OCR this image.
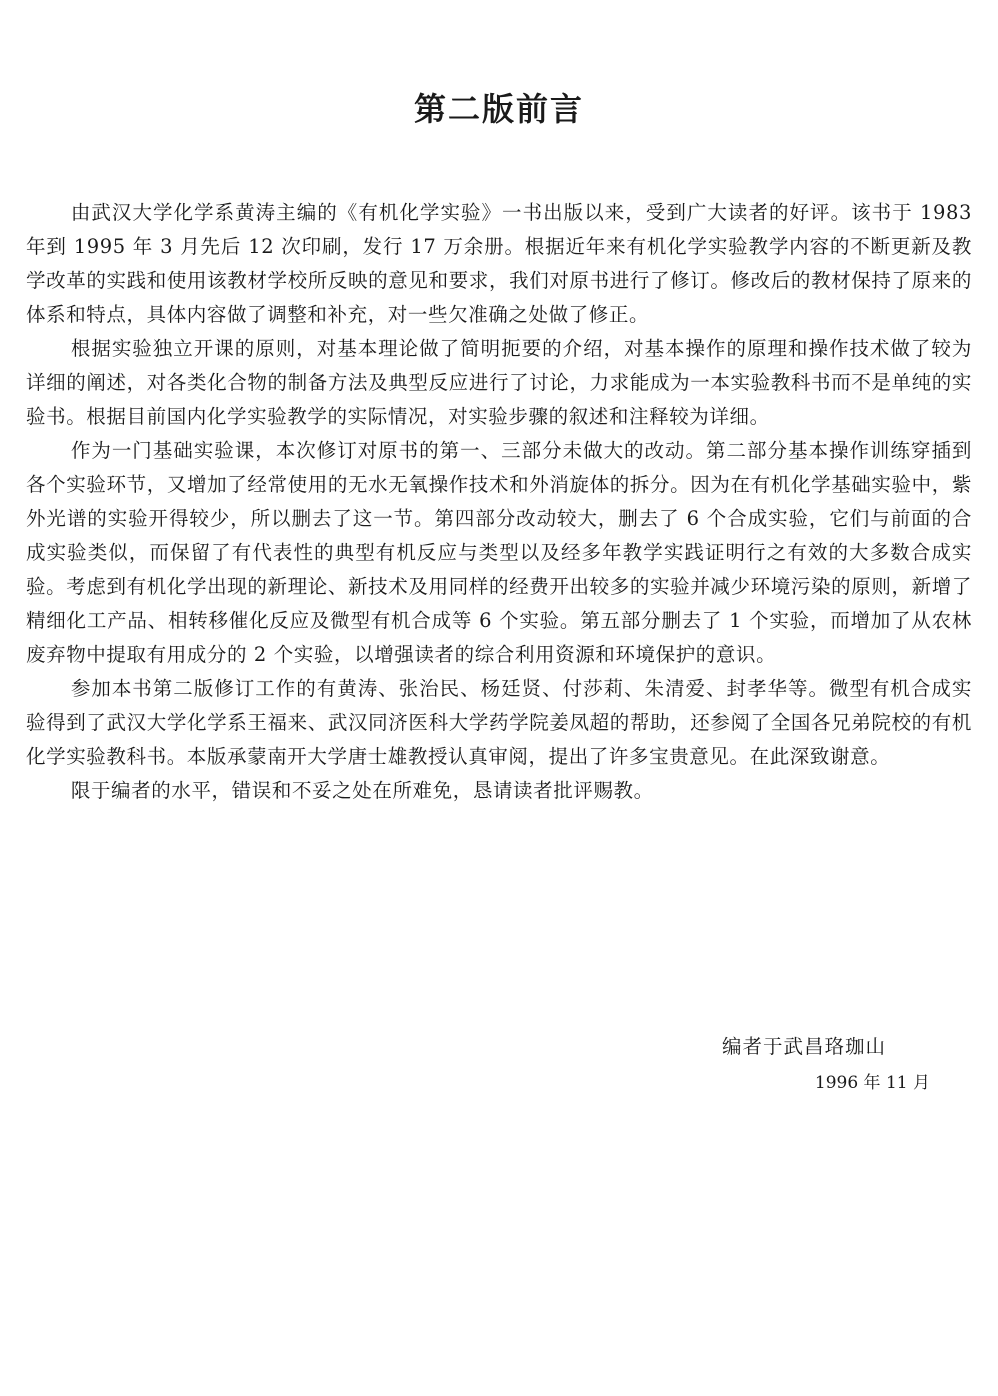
第二版前言

由武汉大学化学系黄涛主编的《有机化学实验》一书出版以来，受到广大读者的好评。该书于 1983 年到 1995 年 3 月先后 12 次印刷，发行 17 万余册。根据近年来有机化学实验教学内容的不断更新及教学改革的实践和使用该教材学校所反映的意见和要求，我们对原书进行了修订。修改后的教材保持了原来的体系和特点，具体内容做了调整和补充，对一些欠准确之处做了修正。

根据实验独立开课的原则，对基本理论做了简明扼要的介绍，对基本操作的原理和操作技术做了较为详细的阐述，对各类化合物的制备方法及典型反应进行了讨论，力求能成为一本实验教科书而不是单纯的实验书。根据目前国内化学实验教学的实际情况，对实验步骤的叙述和注释较为详细。

作为一门基础实验课，本次修订对原书的第一、三部分未做大的改动。第二部分基本操作训练穿插到各个实验环节，又增加了经常使用的无水无氧操作技术和外消旋体的拆分。因为在有机化学基础实验中，紫外光谱的实验开得较少，所以删去了这一节。第四部分改动较大，删去了 6 个合成实验，它们与前面的合成实验类似，而保留了有代表性的典型有机反应与类型以及经多年教学实践证明行之有效的大多数合成实验。考虑到有机化学出现的新理论、新技术及用同样的经费开出较多的实验并减少环境污染的原则，新增了精细化工产品、相转移催化反应及微型有机合成等 6 个实验。第五部分删去了 1 个实验，而增加了从农林废弃物中提取有用成分的 2 个实验，以增强读者的综合利用资源和环境保护的意识。

参加本书第二版修订工作的有黄涛、张治民、杨廷贤、付莎莉、朱清爱、封孝华等。微型有机合成实验得到了武汉大学化学系王福来、武汉同济医科大学药学院姜凤超的帮助，还参阅了全国各兄弟院校的有机化学实验教科书。本版承蒙南开大学唐士雄教授认真审阅，提出了许多宝贵意见。在此深致谢意。

限于编者的水平，错误和不妥之处在所难免，恳请读者批评赐教。

编者于武昌珞珈山
1996 年 11 月
